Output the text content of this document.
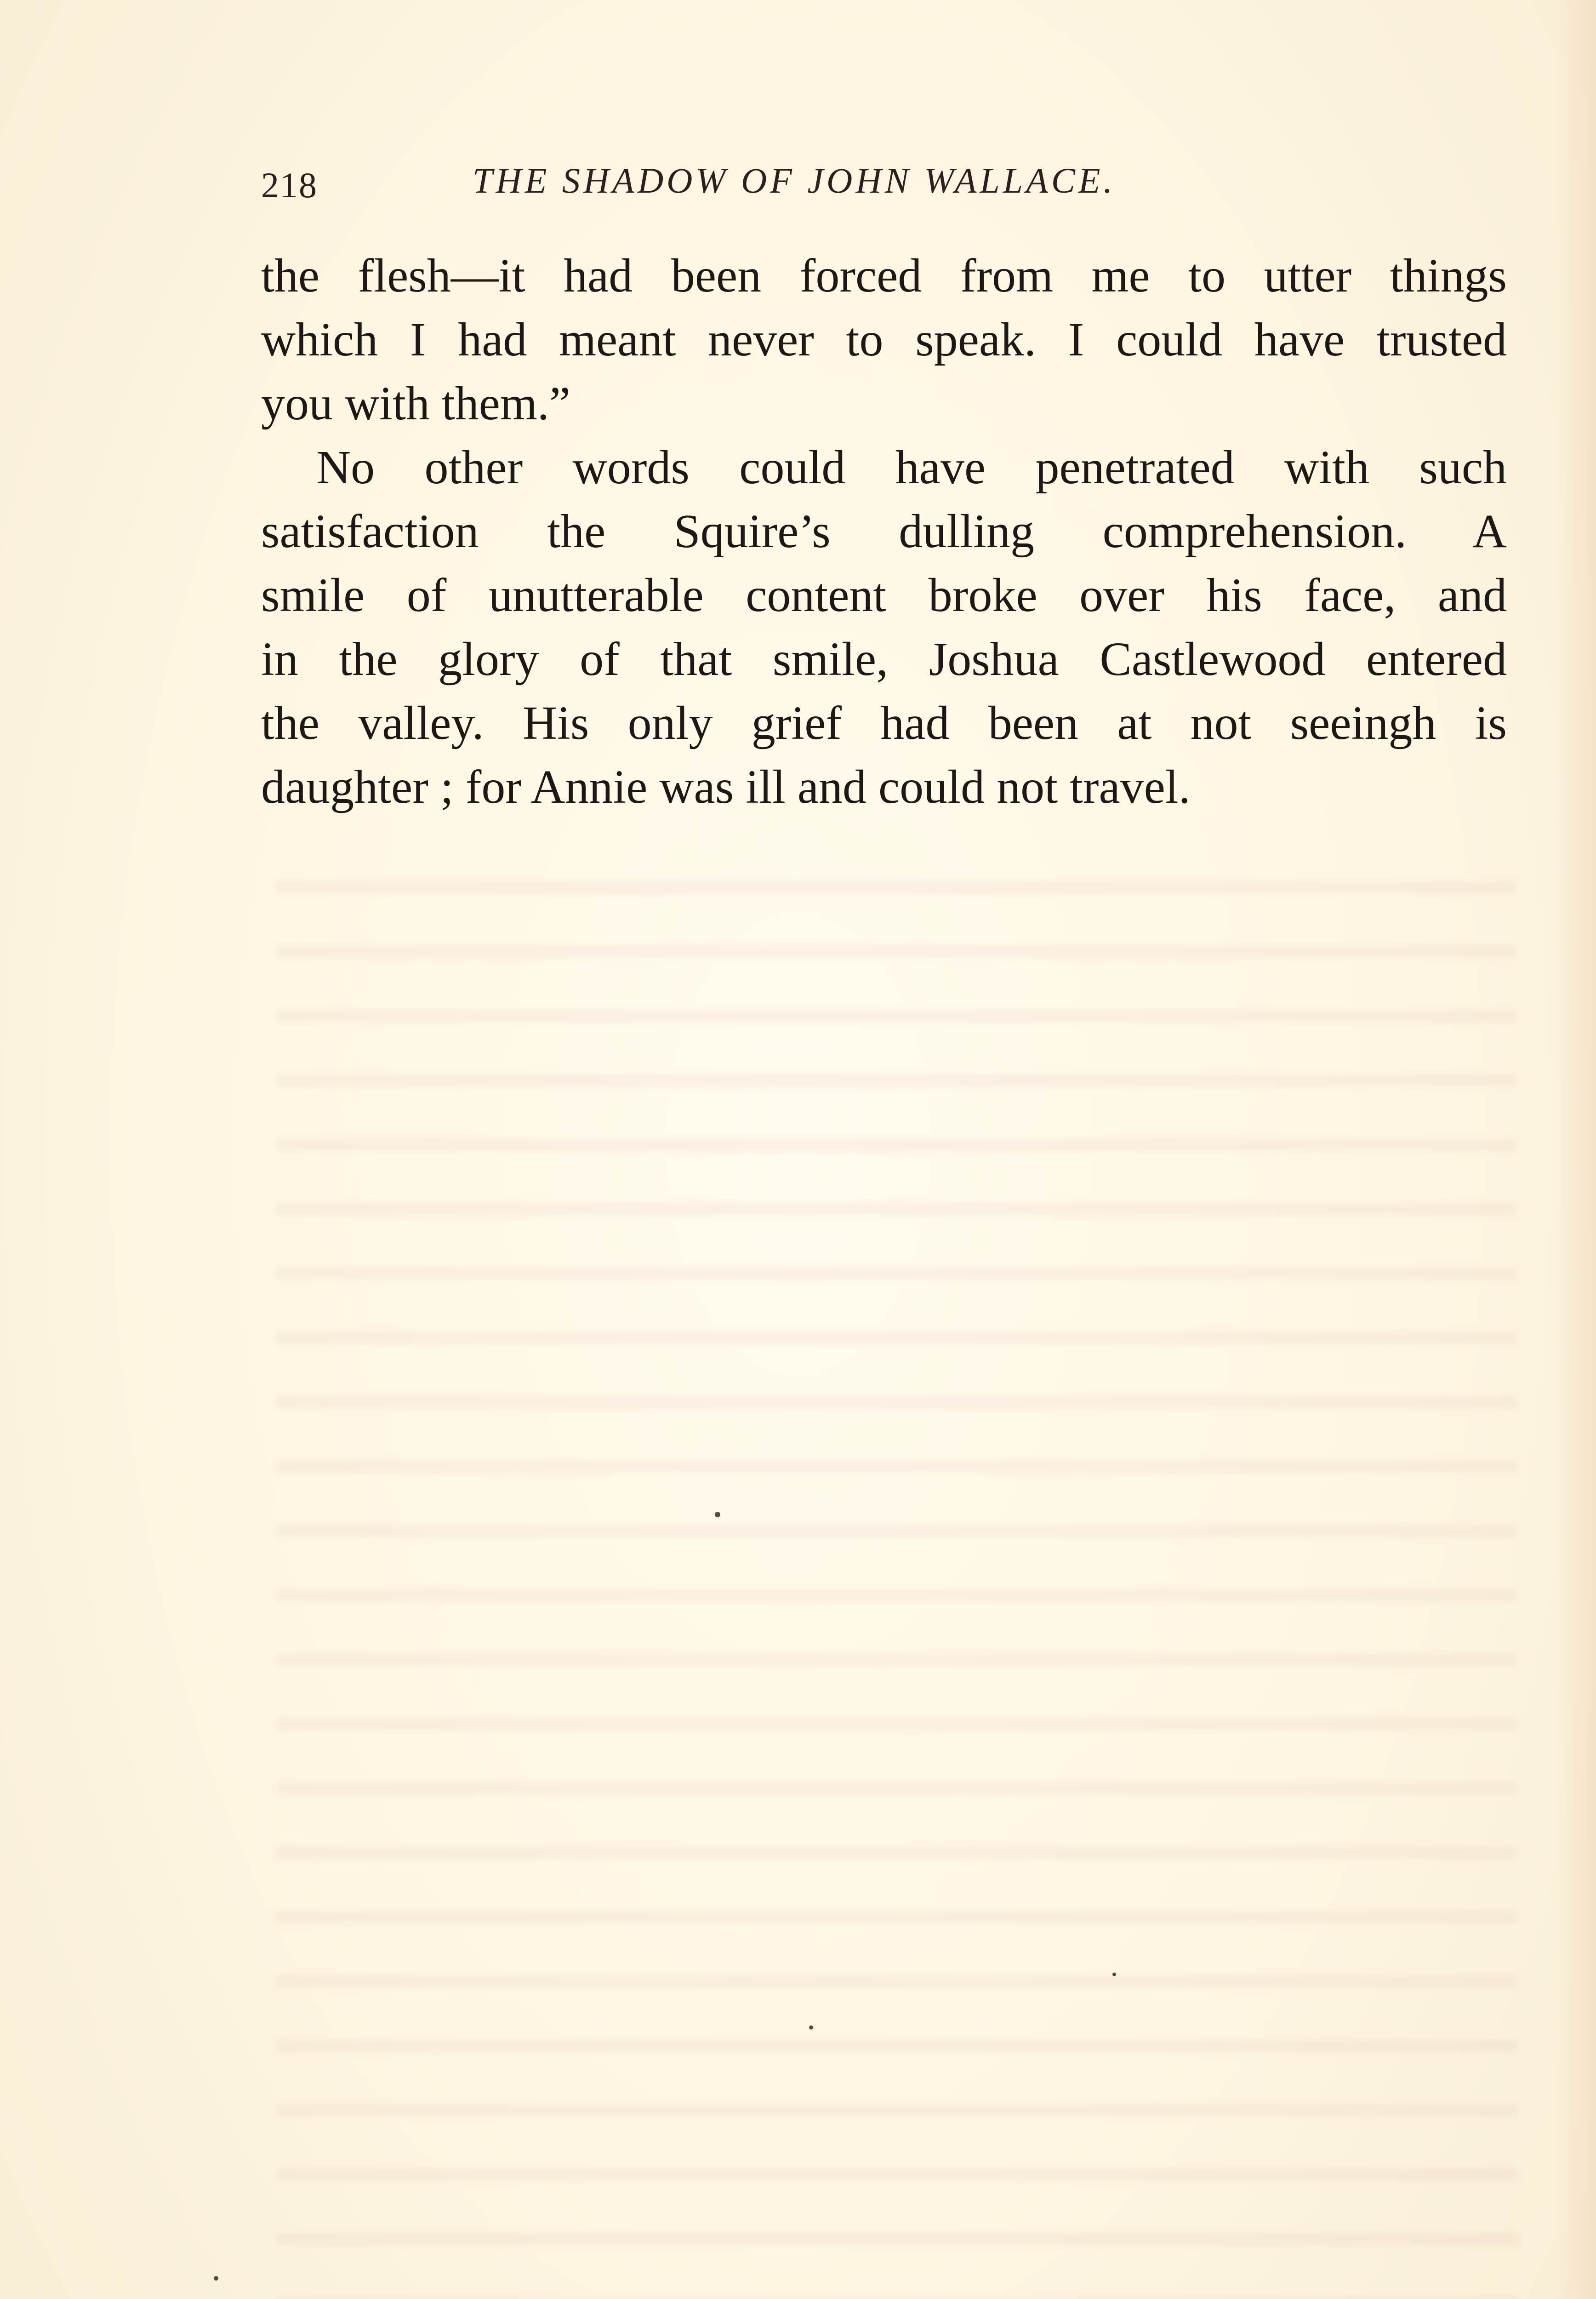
218	THE SHADOW OF JOHN WALLACE.
the flesh—it had been forced from me to utter things
which I had meant never to speak. I could have trusted
you with them.”
No other words could have penetrated with such
satisfaction the Squire’s dulling comprehension. A
smile of unutterable content broke over his face, and
in the glory of that smile, Joshua Castlewood entered
the valley. His only grief had been at not seeingh is
daughter ; for Annie was ill and could not travel.
